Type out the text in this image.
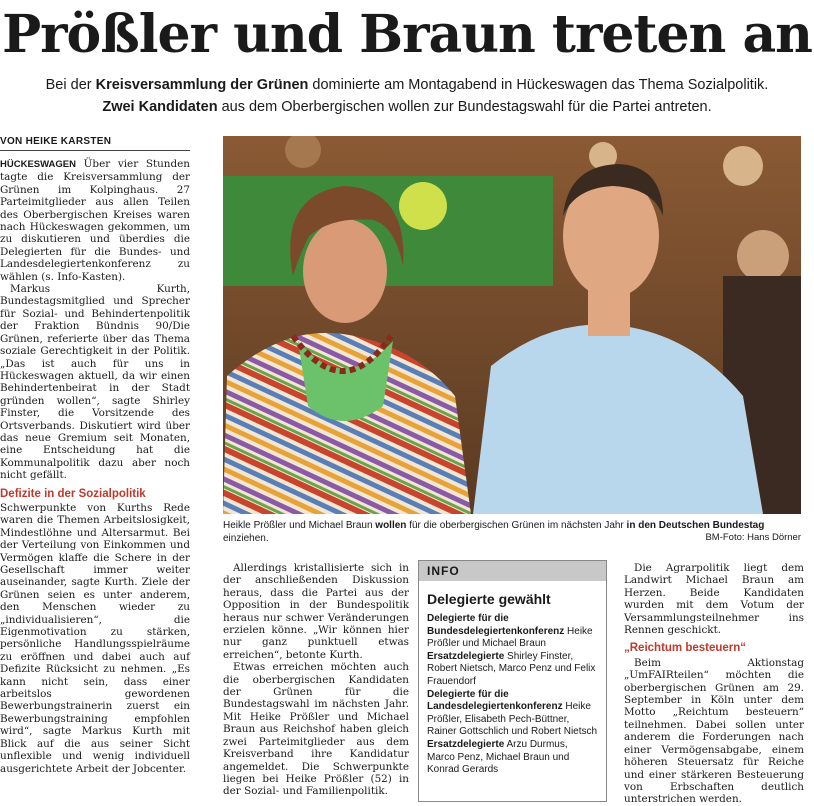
Prößler und Braun treten an
Bei der Kreisversammlung der Grünen dominierte am Montagabend in Hückeswagen das Thema Sozialpolitik.
Zwei Kandidaten aus dem Oberbergischen wollen zur Bundestagswahl für die Partei antreten.
VON HEIKE KARSTEN

HÜCKESWAGEN Über vier Stunden tagte die Kreisversammlung der Grünen im Kolpinghaus. 27 Parteimitglieder aus allen Teilen des Oberbergischen Kreises waren nach Hückeswagen gekommen, um zu diskutieren und überdies die Delegierten für die Bundes- und Landesdelegiertenkonferenz zu wählen (s. Info-Kasten).

Markus Kurth, Bundestagsmitglied und Sprecher für Sozial- und Behindertenpolitik der Fraktion Bündnis 90/Die Grünen, referierte über das Thema soziale Gerechtigkeit in der Politik. „Das ist auch für uns in Hückeswagen aktuell, da wir einen Behindertenbeirat in der Stadt gründen wollen“, sagte Shirley Finster, die Vorsitzende des Ortsverbands. Diskutiert wird über das neue Gremium seit Monaten, eine Entscheidung hat die Kommunalpolitik dazu aber noch nicht gefällt.

Defizite in der Sozialpolitik

Schwerpunkte von Kurths Rede waren die Themen Arbeitslosigkeit, Mindestlöhne und Altersarmut. Bei der Verteilung von Einkommen und Vermögen klaffe die Schere in der Gesellschaft immer weiter auseinander, sagte Kurth. Ziele der Grünen seien es unter anderem, den Menschen wieder zu „individualisieren“, die Eigenmotivation zu stärken, persönliche Handlungsspielräume zu eröffnen und dabei auch auf Defizite Rücksicht zu nehmen. „Es kann nicht sein, dass einer arbeitslos gewordenen Bewerbungstrainerin zuerst ein Bewerbungstraining empfohlen wird“, sagte Markus Kurth mit Blick auf die aus seiner Sicht unflexible und wenig individuell ausgerichtete Arbeit der Jobcenter.

Heikle Prößler und Michael Braun wollen für die oberbergischen Grünen im nächsten Jahr in den Deutschen Bundestag einziehen.	BM-Foto: Hans Dörner

Allerdings kristallisierte sich in der anschließenden Diskussion heraus, dass die Partei aus der Opposition in der Bundespolitik heraus nur schwer Veränderungen erzielen könne. „Wir können hier nur ganz punktuell etwas erreichen“, betonte Kurth.

Etwas erreichen möchten auch die oberbergischen Kandidaten der Grünen für die Bundestagswahl im nächsten Jahr. Mit Heike Prößler und Michael Braun aus Reichshof haben gleich zwei Parteimitglieder aus dem Kreisverband ihre Kandidatur angemeldet. Die Schwerpunkte liegen bei Heike Prößler (52) in der Sozial- und Familienpolitik.

INFO
Delegierte gewählt

Delegierte für die Bundesdelegiertenkonferenz Heike Prößler und Michael Braun

Ersatzdelegierte Shirley Finster, Robert Nietsch, Marco Penz und Felix Frauendorf

Delegierte für die Landesdelegiertenkonferenz Heike Prößler, Elisabeth Pech-Büttner, Rainer Gottschlich und Robert Nietsch

Ersatzdelegierte Arzu Durmus, Marco Penz, Michael Braun und Konrad Gerards

Die Agrarpolitik liegt dem Landwirt Michael Braun am Herzen. Beide Kandidaten wurden mit dem Votum der Versammlungsteilnehmer ins Rennen geschickt.

„Reichtum besteuern“

Beim Aktionstag „UmFAIRteilen“ möchten die oberbergischen Grünen am 29. September in Köln unter dem Motto „Reichtum besteuern“ teilnehmen. Dabei sollen unter anderem die Forderungen nach einer Vermögensabgabe, einem höheren Steuersatz für Reiche und einer stärkeren Besteuerung von Erbschaften deutlich unterstrichen werden.
